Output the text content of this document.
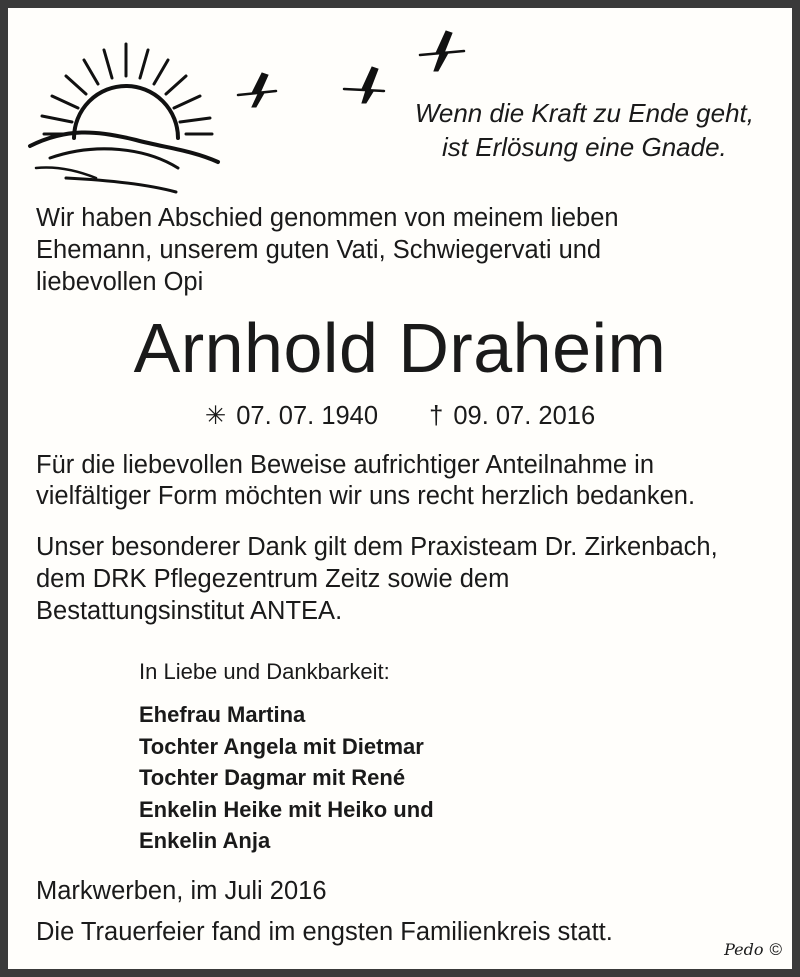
Wenn die Kraft zu Ende geht,
ist Erlösung eine Gnade.
Wir haben Abschied genommen von meinem lieben
Ehemann, unserem guten Vati, Schwiegervati und
liebevollen Opi
Arnhold Draheim
✳ 07. 07. 1940 † 09. 07. 2016
Für die liebevollen Beweise aufrichtiger Anteilnahme in
vielfältiger Form möchten wir uns recht herzlich bedanken.
Unser besonderer Dank gilt dem Praxisteam Dr. Zirkenbach,
dem DRK Pflegezentrum Zeitz sowie dem
Bestattungsinstitut ANTEA.
In Liebe und Dankbarkeit:
Ehefrau Martina
Tochter Angela mit Dietmar
Tochter Dagmar mit René
Enkelin Heike mit Heiko und
Enkelin Anja
Markwerben, im Juli 2016
Die Trauerfeier fand im engsten Familienkreis statt.
Pedo ©
